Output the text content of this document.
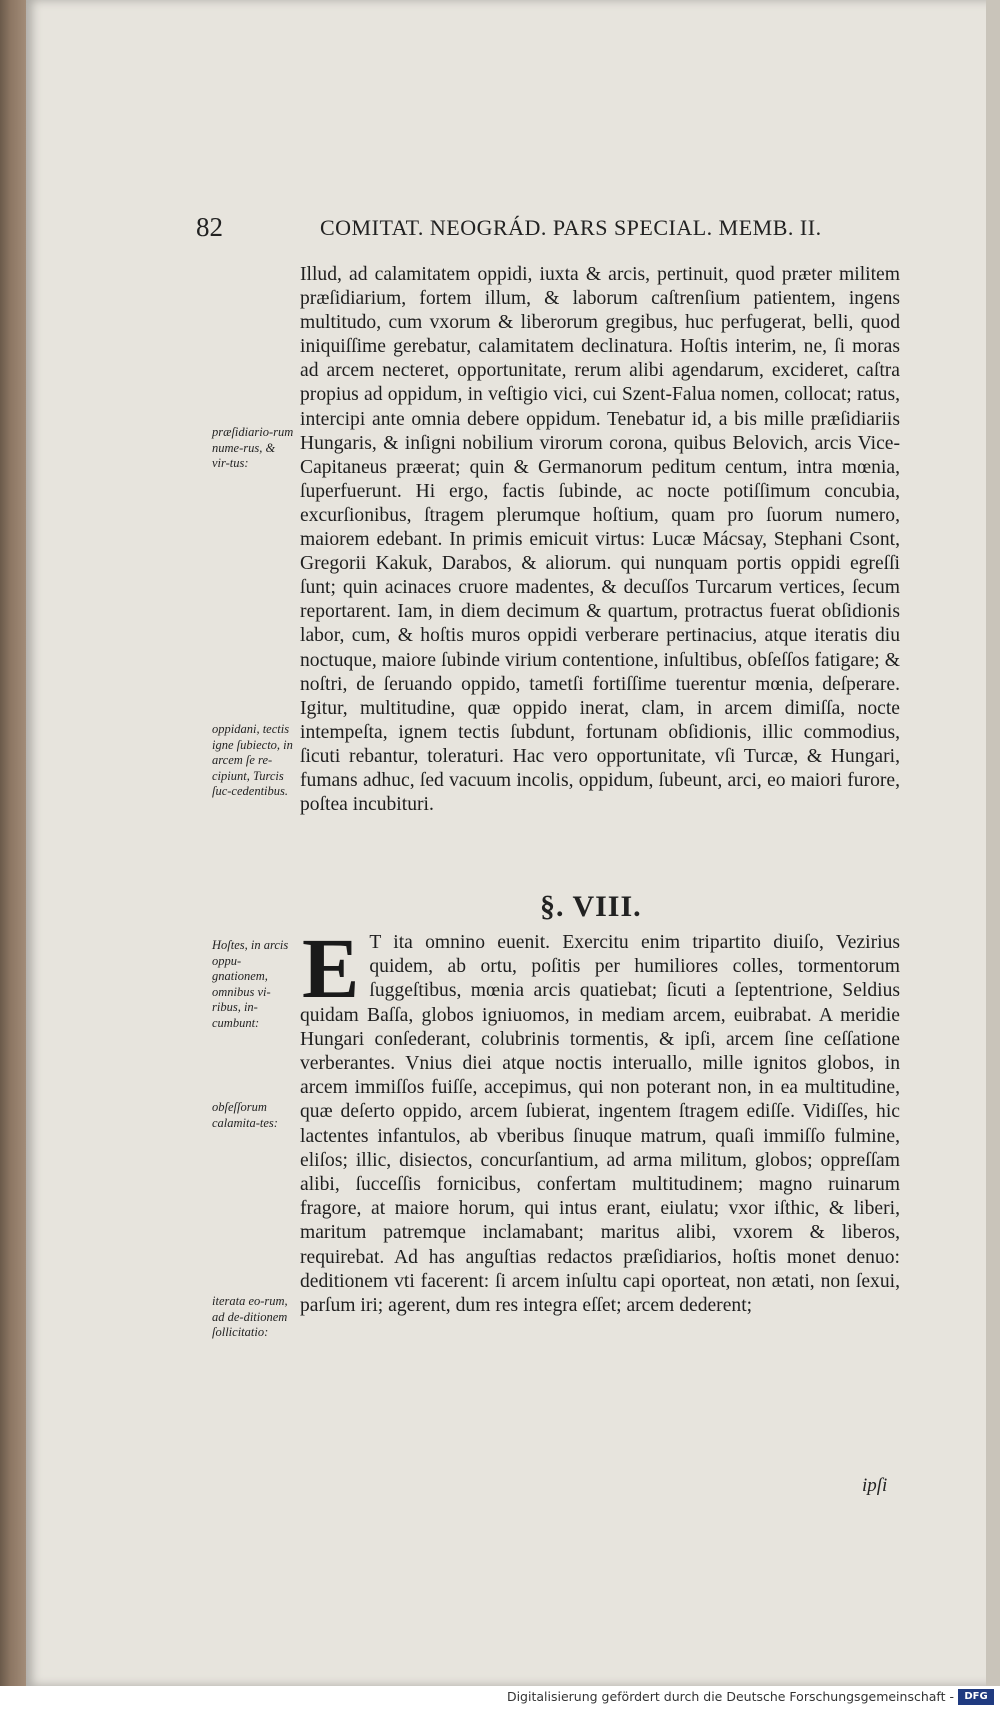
82	COMITAT. NEOGRÁD. PARS SPECIAL. MEMB. II.
præſidiario-rum nume-rus, & vir-tus:
oppidani, tectis igne ſubiecto, in arcem ſe re-cipiunt, Turcis ſuc-cedentibus.
Hoſtes, in arcis oppu-gnationem, omnibus vi-ribus, in-cumbunt:
obſeſſorum calamita-tes:
iterata eo-rum, ad de-ditionem ſollicitatio:

Illud, ad calamitatem oppidi, iuxta & arcis, pertinuit, quod præter militem præſidiarium, fortem illum, & laborum caſtrenſium patientem, ingens multitudo, cum vxorum & liberorum gregibus, huc perfugerat, belli, quod iniquiſſime gerebatur, calamitatem declinatura. Hoſtis interim, ne, ſi moras ad arcem necteret, opportunitate, rerum alibi agendarum, excideret, caſtra propius ad oppidum, in veſtigio vici, cui Szent-Falua nomen, collocat; ratus, intercipi ante omnia debere oppidum. Tenebatur id, a bis mille præſidiariis Hungaris, & inſigni nobilium virorum corona, quibus Belovich, arcis Vice-Capitaneus præerat; quin & Germanorum peditum centum, intra mœnia, ſuperfuerunt. Hi ergo, factis ſubinde, ac nocte potiſſimum concubia, excurſionibus, ſtragem plerumque hoſtium, quam pro ſuorum numero, maiorem edebant. In primis emicuit virtus: Lucæ Mácsay, Stephani Csont, Gregorii Kakuk, Darabos, & aliorum. qui nunquam portis oppidi egreſſi ſunt; quin acinaces cruore madentes, & decuſſos Turcarum vertices, ſecum reportarent. Iam, in diem decimum & quartum, protractus fuerat obſidionis labor, cum, & hoſtis muros oppidi verberare pertinacius, atque iteratis diu noctuque, maiore ſubinde virium contentione, inſultibus, obſeſſos fatigare; & noſtri, de ſeruando oppido, tametſi fortiſſime tuerentur mœnia, deſperare. Igitur, multitudine, quæ oppido inerat, clam, in arcem dimiſſa, nocte intempeſta, ignem tectis ſubdunt, fortunam obſidionis, illic commodius, ſicuti rebantur, toleraturi. Hac vero opportunitate, vſi Turcæ, & Hungari, fumans adhuc, ſed vacuum incolis, oppidum, ſubeunt, arci, eo maiori furore, poſtea incubituri.

§. VIII.
E T ita omnino euenit. Exercitu enim tripartito diuiſo, Vezirius quidem, ab ortu, poſitis per humiliores colles, tormentorum ſuggeſtibus, mœnia arcis quatiebat; ſicuti a ſeptentrione, Seldius quidam Baſſa, globos igniuomos, in mediam arcem, euibrabat. A meridie Hungari conſederant, colubrinis tormentis, & ipſi, arcem ſine ceſſatione verberantes. Vnius diei atque noctis interuallo, mille ignitos globos, in arcem immiſſos fuiſſe, accepimus, qui non poterant non, in ea multitudine, quæ deſerto oppido, arcem ſubierat, ingentem ſtragem ediſſe. Vidiſſes, hic lactentes infantulos, ab vberibus ſinuque matrum, quaſi immiſſo fulmine, eliſos; illic, disiectos, concurſantium, ad arma militum, globos; oppreſſam alibi, ſucceſſis fornicibus, confertam multitudinem; magno ruinarum fragore, at maiore horum, qui intus erant, eiulatu; vxor iſthic, & liberi, maritum patremque inclamabant; maritus alibi, vxorem & liberos, requirebat. Ad has anguſtias redactos præſidiarios, hoſtis monet denuo: deditionem vti facerent: ſi arcem inſultu capi oporteat, non ætati, non ſexui, parſum iri; agerent, dum res integra eſſet; arcem dederent;
ipſi
Digitalisierung gefördert durch die Deutsche Forschungsgemeinschaft -	DFG
